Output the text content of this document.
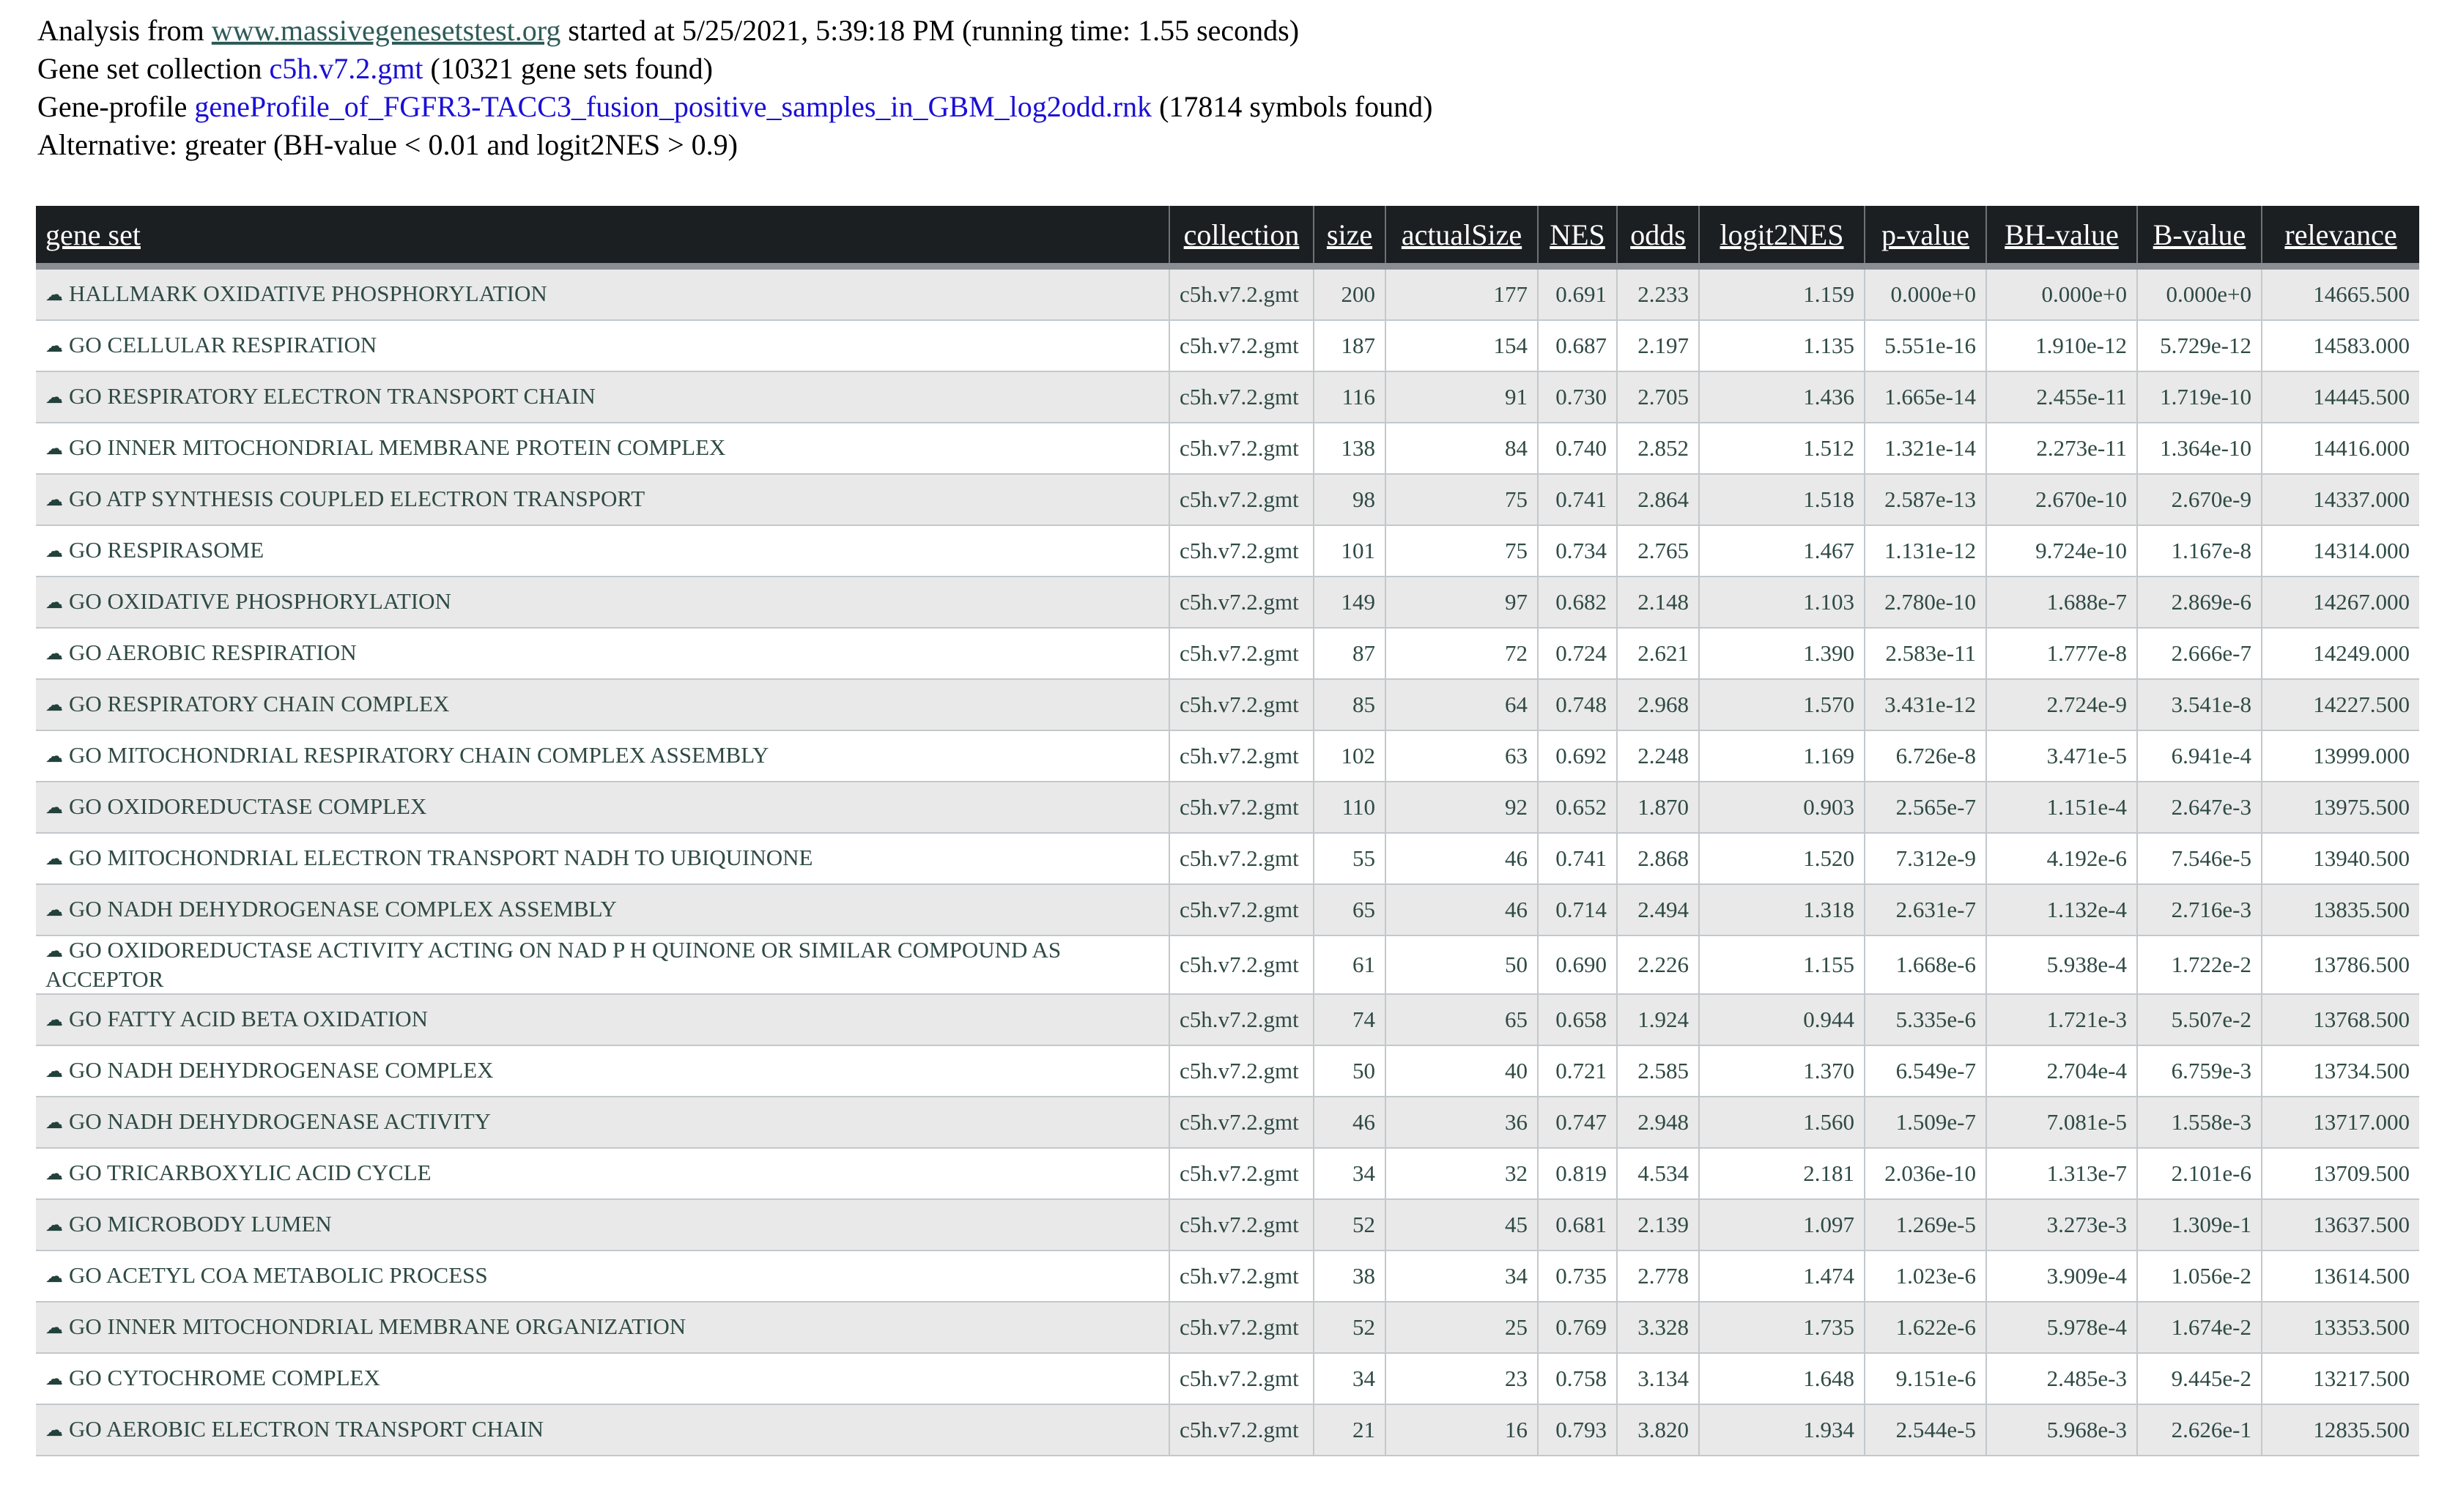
Analysis from www.massivegenesetstest.org started at 5/25/2021, 5:39:18 PM (running time: 1.55 seconds)
Gene set collection c5h.v7.2.gmt (10321 gene sets found)
Gene-profile geneProfile_of_FGFR3-TACC3_fusion_positive_samples_in_GBM_log2odd.rnk (17814 symbols found)
Alternative: greater (BH-value < 0.01 and logit2NES > 0.9)
gene set	collection	size	actualSize	NES	odds	logit2NES	p-value	BH-value	B-value	relevance
☁ HALLMARK OXIDATIVE PHOSPHORYLATION	c5h.v7.2.gmt	200	177	0.691	2.233	1.159	0.000e+0	0.000e+0	0.000e+0	14665.500
☁ GO CELLULAR RESPIRATION	c5h.v7.2.gmt	187	154	0.687	2.197	1.135	5.551e-16	1.910e-12	5.729e-12	14583.000
☁ GO RESPIRATORY ELECTRON TRANSPORT CHAIN	c5h.v7.2.gmt	116	91	0.730	2.705	1.436	1.665e-14	2.455e-11	1.719e-10	14445.500
☁ GO INNER MITOCHONDRIAL MEMBRANE PROTEIN COMPLEX	c5h.v7.2.gmt	138	84	0.740	2.852	1.512	1.321e-14	2.273e-11	1.364e-10	14416.000
☁ GO ATP SYNTHESIS COUPLED ELECTRON TRANSPORT	c5h.v7.2.gmt	98	75	0.741	2.864	1.518	2.587e-13	2.670e-10	2.670e-9	14337.000
☁ GO RESPIRASOME	c5h.v7.2.gmt	101	75	0.734	2.765	1.467	1.131e-12	9.724e-10	1.167e-8	14314.000
☁ GO OXIDATIVE PHOSPHORYLATION	c5h.v7.2.gmt	149	97	0.682	2.148	1.103	2.780e-10	1.688e-7	2.869e-6	14267.000
☁ GO AEROBIC RESPIRATION	c5h.v7.2.gmt	87	72	0.724	2.621	1.390	2.583e-11	1.777e-8	2.666e-7	14249.000
☁ GO RESPIRATORY CHAIN COMPLEX	c5h.v7.2.gmt	85	64	0.748	2.968	1.570	3.431e-12	2.724e-9	3.541e-8	14227.500
☁ GO MITOCHONDRIAL RESPIRATORY CHAIN COMPLEX ASSEMBLY	c5h.v7.2.gmt	102	63	0.692	2.248	1.169	6.726e-8	3.471e-5	6.941e-4	13999.000
☁ GO OXIDOREDUCTASE COMPLEX	c5h.v7.2.gmt	110	92	0.652	1.870	0.903	2.565e-7	1.151e-4	2.647e-3	13975.500
☁ GO MITOCHONDRIAL ELECTRON TRANSPORT NADH TO UBIQUINONE	c5h.v7.2.gmt	55	46	0.741	2.868	1.520	7.312e-9	4.192e-6	7.546e-5	13940.500
☁ GO NADH DEHYDROGENASE COMPLEX ASSEMBLY	c5h.v7.2.gmt	65	46	0.714	2.494	1.318	2.631e-7	1.132e-4	2.716e-3	13835.500
☁ GO OXIDOREDUCTASE ACTIVITY ACTING ON NAD P H QUINONE OR SIMILAR COMPOUND AS ACCEPTOR	c5h.v7.2.gmt	61	50	0.690	2.226	1.155	1.668e-6	5.938e-4	1.722e-2	13786.500
☁ GO FATTY ACID BETA OXIDATION	c5h.v7.2.gmt	74	65	0.658	1.924	0.944	5.335e-6	1.721e-3	5.507e-2	13768.500
☁ GO NADH DEHYDROGENASE COMPLEX	c5h.v7.2.gmt	50	40	0.721	2.585	1.370	6.549e-7	2.704e-4	6.759e-3	13734.500
☁ GO NADH DEHYDROGENASE ACTIVITY	c5h.v7.2.gmt	46	36	0.747	2.948	1.560	1.509e-7	7.081e-5	1.558e-3	13717.000
☁ GO TRICARBOXYLIC ACID CYCLE	c5h.v7.2.gmt	34	32	0.819	4.534	2.181	2.036e-10	1.313e-7	2.101e-6	13709.500
☁ GO MICROBODY LUMEN	c5h.v7.2.gmt	52	45	0.681	2.139	1.097	1.269e-5	3.273e-3	1.309e-1	13637.500
☁ GO ACETYL COA METABOLIC PROCESS	c5h.v7.2.gmt	38	34	0.735	2.778	1.474	1.023e-6	3.909e-4	1.056e-2	13614.500
☁ GO INNER MITOCHONDRIAL MEMBRANE ORGANIZATION	c5h.v7.2.gmt	52	25	0.769	3.328	1.735	1.622e-6	5.978e-4	1.674e-2	13353.500
☁ GO CYTOCHROME COMPLEX	c5h.v7.2.gmt	34	23	0.758	3.134	1.648	9.151e-6	2.485e-3	9.445e-2	13217.500
☁ GO AEROBIC ELECTRON TRANSPORT CHAIN	c5h.v7.2.gmt	21	16	0.793	3.820	1.934	2.544e-5	5.968e-3	2.626e-1	12835.500
